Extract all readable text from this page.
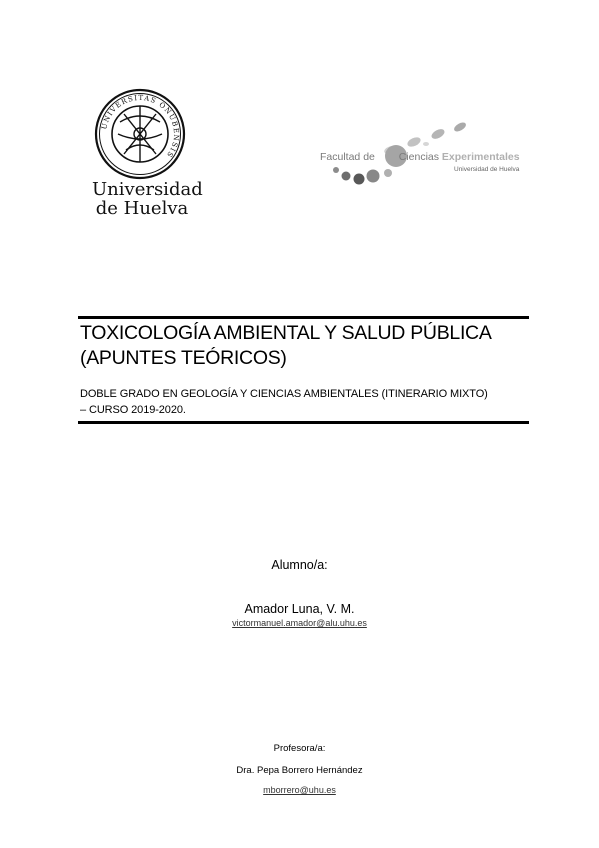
UNIVERSITAS ONUBENSIS
Universidad
de Huelva
Facultad de Ciencias Experimentales
Universidad de Huelva
TOXICOLOGÍA AMBIENTAL Y SALUD PÚBLICA
(APUNTES TEÓRICOS)
DOBLE GRADO EN GEOLOGÍA Y CIENCIAS AMBIENTALES (ITINERARIO MIXTO)
– CURSO 2019-2020.
Alumno/a:
Amador Luna, V. M.
victormanuel.amador@alu.uhu.es
Profesora/a:
Dra. Pepa Borrero Hernández
mborrero@uhu.es
